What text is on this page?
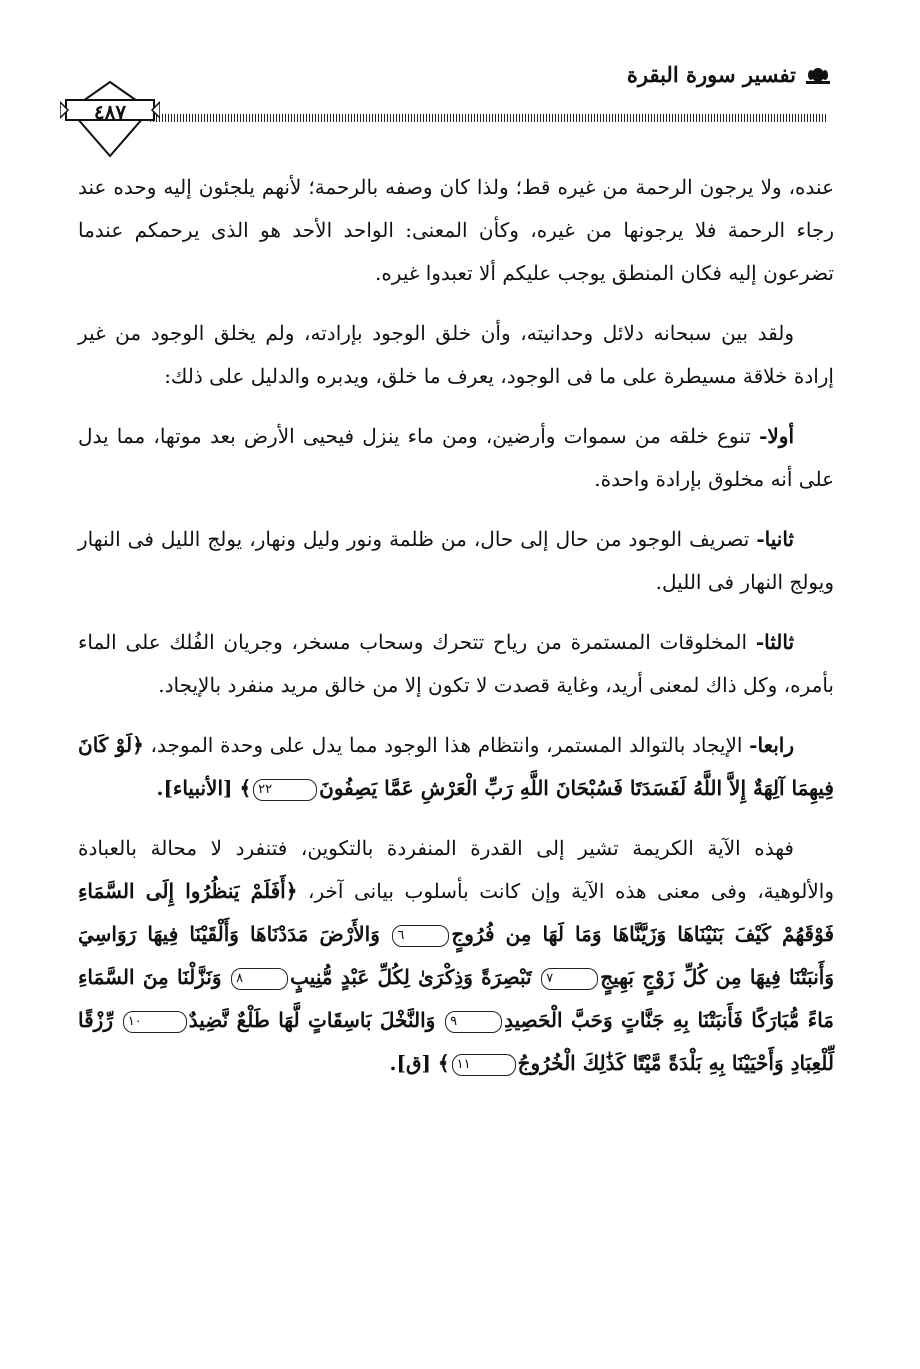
تفسير سورة البقرة
٤٨٧

عنده، ولا يرجون الرحمة من غيره قط؛ ولذا كان وصفه بالرحمة؛ لأنهم يلجئون إليه وحده عند رجاء الرحمة فلا يرجونها من غيره، وكأن المعنى: الواحد الأحد هو الذى يرحمكم عندما تضرعون إليه فكان المنطق يوجب عليكم ألا تعبدوا غيره.

ولقد بين سبحانه دلائل وحدانيته، وأن خلق الوجود بإرادته، ولم يخلق الوجود من غير إرادة خلاقة مسيطرة على ما فى الوجود، يعرف ما خلق، ويدبره والدليل على ذلك:

أولا- تنوع خلقه من سموات وأرضين، ومن ماء ينزل فيحيى الأرض بعد موتها، مما يدل على أنه مخلوق بإرادة واحدة.

ثانيا- تصريف الوجود من حال إلى حال، من ظلمة ونور وليل ونهار، يولج الليل فى النهار ويولج النهار فى الليل.

ثالثا- المخلوقات المستمرة من رياح تتحرك وسحاب مسخر، وجريان الفُلك على الماء بأمره، وكل ذاك لمعنى أريد، وغاية قصدت لا تكون إلا من خالق مريد منفرد بالإيجاد.

رابعا- الإيجاد بالتوالد المستمر، وانتظام هذا الوجود مما يدل على وحدة الموجد، ﴿لَوْ كَانَ فِيهِمَا آلِهَةٌ إِلاَّ اللَّهُ لَفَسَدَتَا فَسُبْحَانَ اللَّهِ رَبِّ الْعَرْشِ عَمَّا يَصِفُونَ٢٢﴾ [الأنبياء].

فهذه الآية الكريمة تشير إلى القدرة المنفردة بالتكوين، فتنفرد لا محالة بالعبادة والألوهية، وفى معنى هذه الآية وإن كانت بأسلوب بيانى آخر، ﴿أَفَلَمْ يَنظُرُوا إِلَى السَّمَاءِ فَوْقَهُمْ كَيْفَ بَنَيْنَاهَا وَزَيَّنَّاهَا وَمَا لَهَا مِن فُرُوجٍ٦ وَالأَرْضَ مَدَدْنَاهَا وَأَلْقَيْنَا فِيهَا رَوَاسِيَ وَأَنبَتْنَا فِيهَا مِن كُلِّ زَوْجٍ بَهِيجٍ٧ تَبْصِرَةً وَذِكْرَىٰ لِكُلِّ عَبْدٍ مُّنِيبٍ٨ وَنَزَّلْنَا مِنَ السَّمَاءِ مَاءً مُّبَارَكًا فَأَنبَتْنَا بِهِ جَنَّاتٍ وَحَبَّ الْحَصِيدِ٩ وَالنَّخْلَ بَاسِقَاتٍ لَّهَا طَلْعٌ نَّضِيدٌ١٠ رِّزْقًا لِّلْعِبَادِ وَأَحْيَيْنَا بِهِ بَلْدَةً مَّيْتًا كَذَٰلِكَ الْخُرُوجُ١١﴾ [ق].
